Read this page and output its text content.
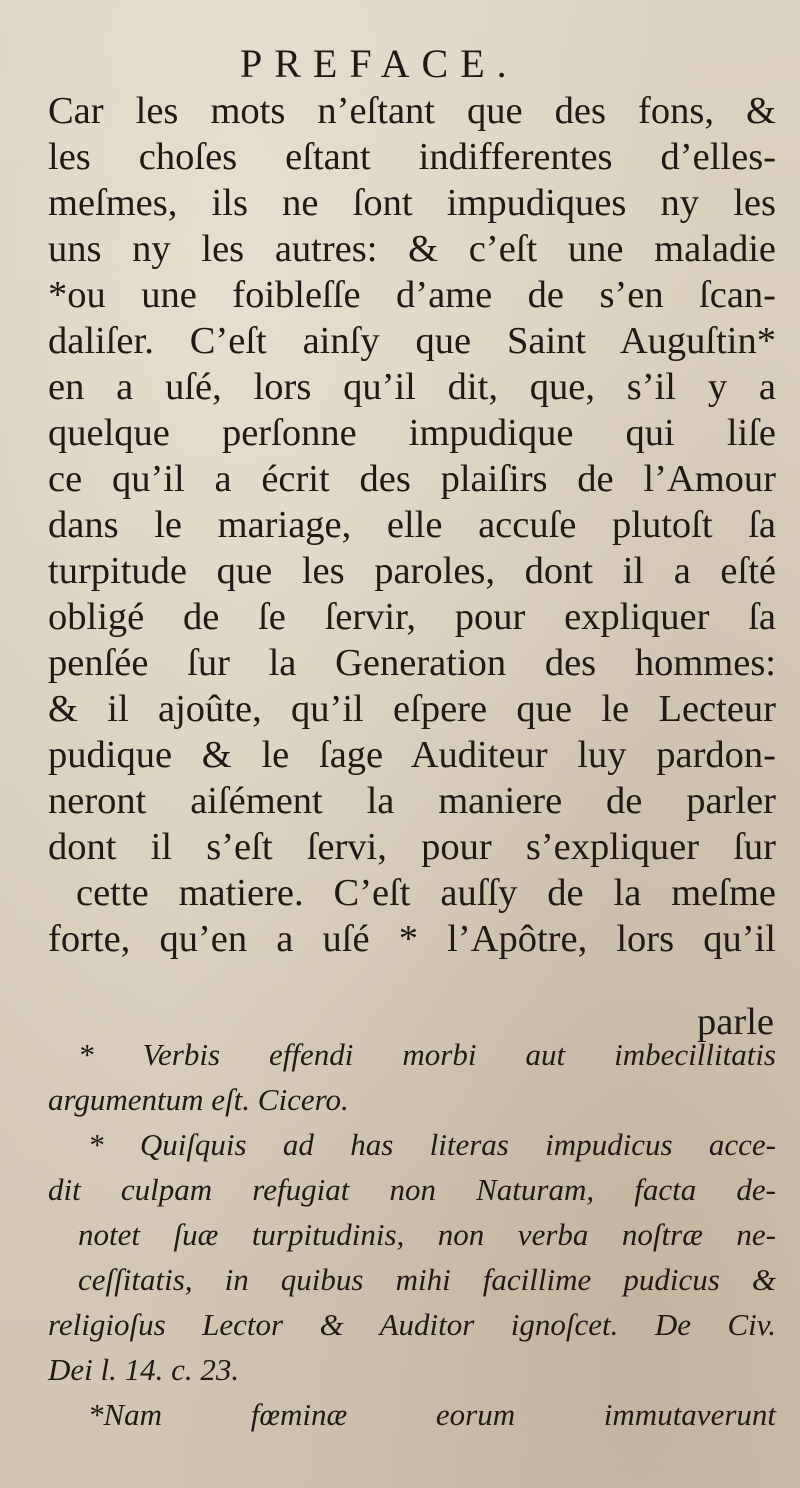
PREFACE.
Car les mots n’eſtant que des fons, &
les choſes eſtant indifferentes d’elles-
meſmes, ils ne ſont impudiques ny les
uns ny les autres: & c’eſt une maladie
*ou une foibleſſe d’ame de s’en ſcan-
daliſer. C’eſt ainſy que Saint Auguſtin*
en a uſé, lors qu’il dit, que, s’il y a
quelque perſonne impudique qui liſe
ce qu’il a écrit des plaiſirs de l’Amour
dans le mariage, elle accuſe plutoſt ſa
turpitude que les paroles, dont il a eſté
obligé de ſe ſervir, pour expliquer ſa
penſée ſur la Generation des hommes:
& il ajoûte, qu’il eſpere que le Lecteur
pudique & le ſage Auditeur luy pardon-
neront aiſément la maniere de parler
dont il s’eſt ſervi, pour s’expliquer ſur
cette matiere. C’eſt auſſy de la meſme
forte, qu’en a uſé * l’Apôtre, lors qu’il
parle
* Verbis effendi morbi aut imbecillitatis
argumentum eſt. Cicero.
* Quiſquis ad has literas impudicus acce-
dit culpam refugiat non Naturam, facta de-
notet ſuæ turpitudinis, non verba noſtræ ne-
ceſſitatis, in quibus mihi facillime pudicus &
religioſus Lector & Auditor ignoſcet. De Civ.
Dei l. 14. c. 23.
*Nam fœminæ eorum immutaverunt
